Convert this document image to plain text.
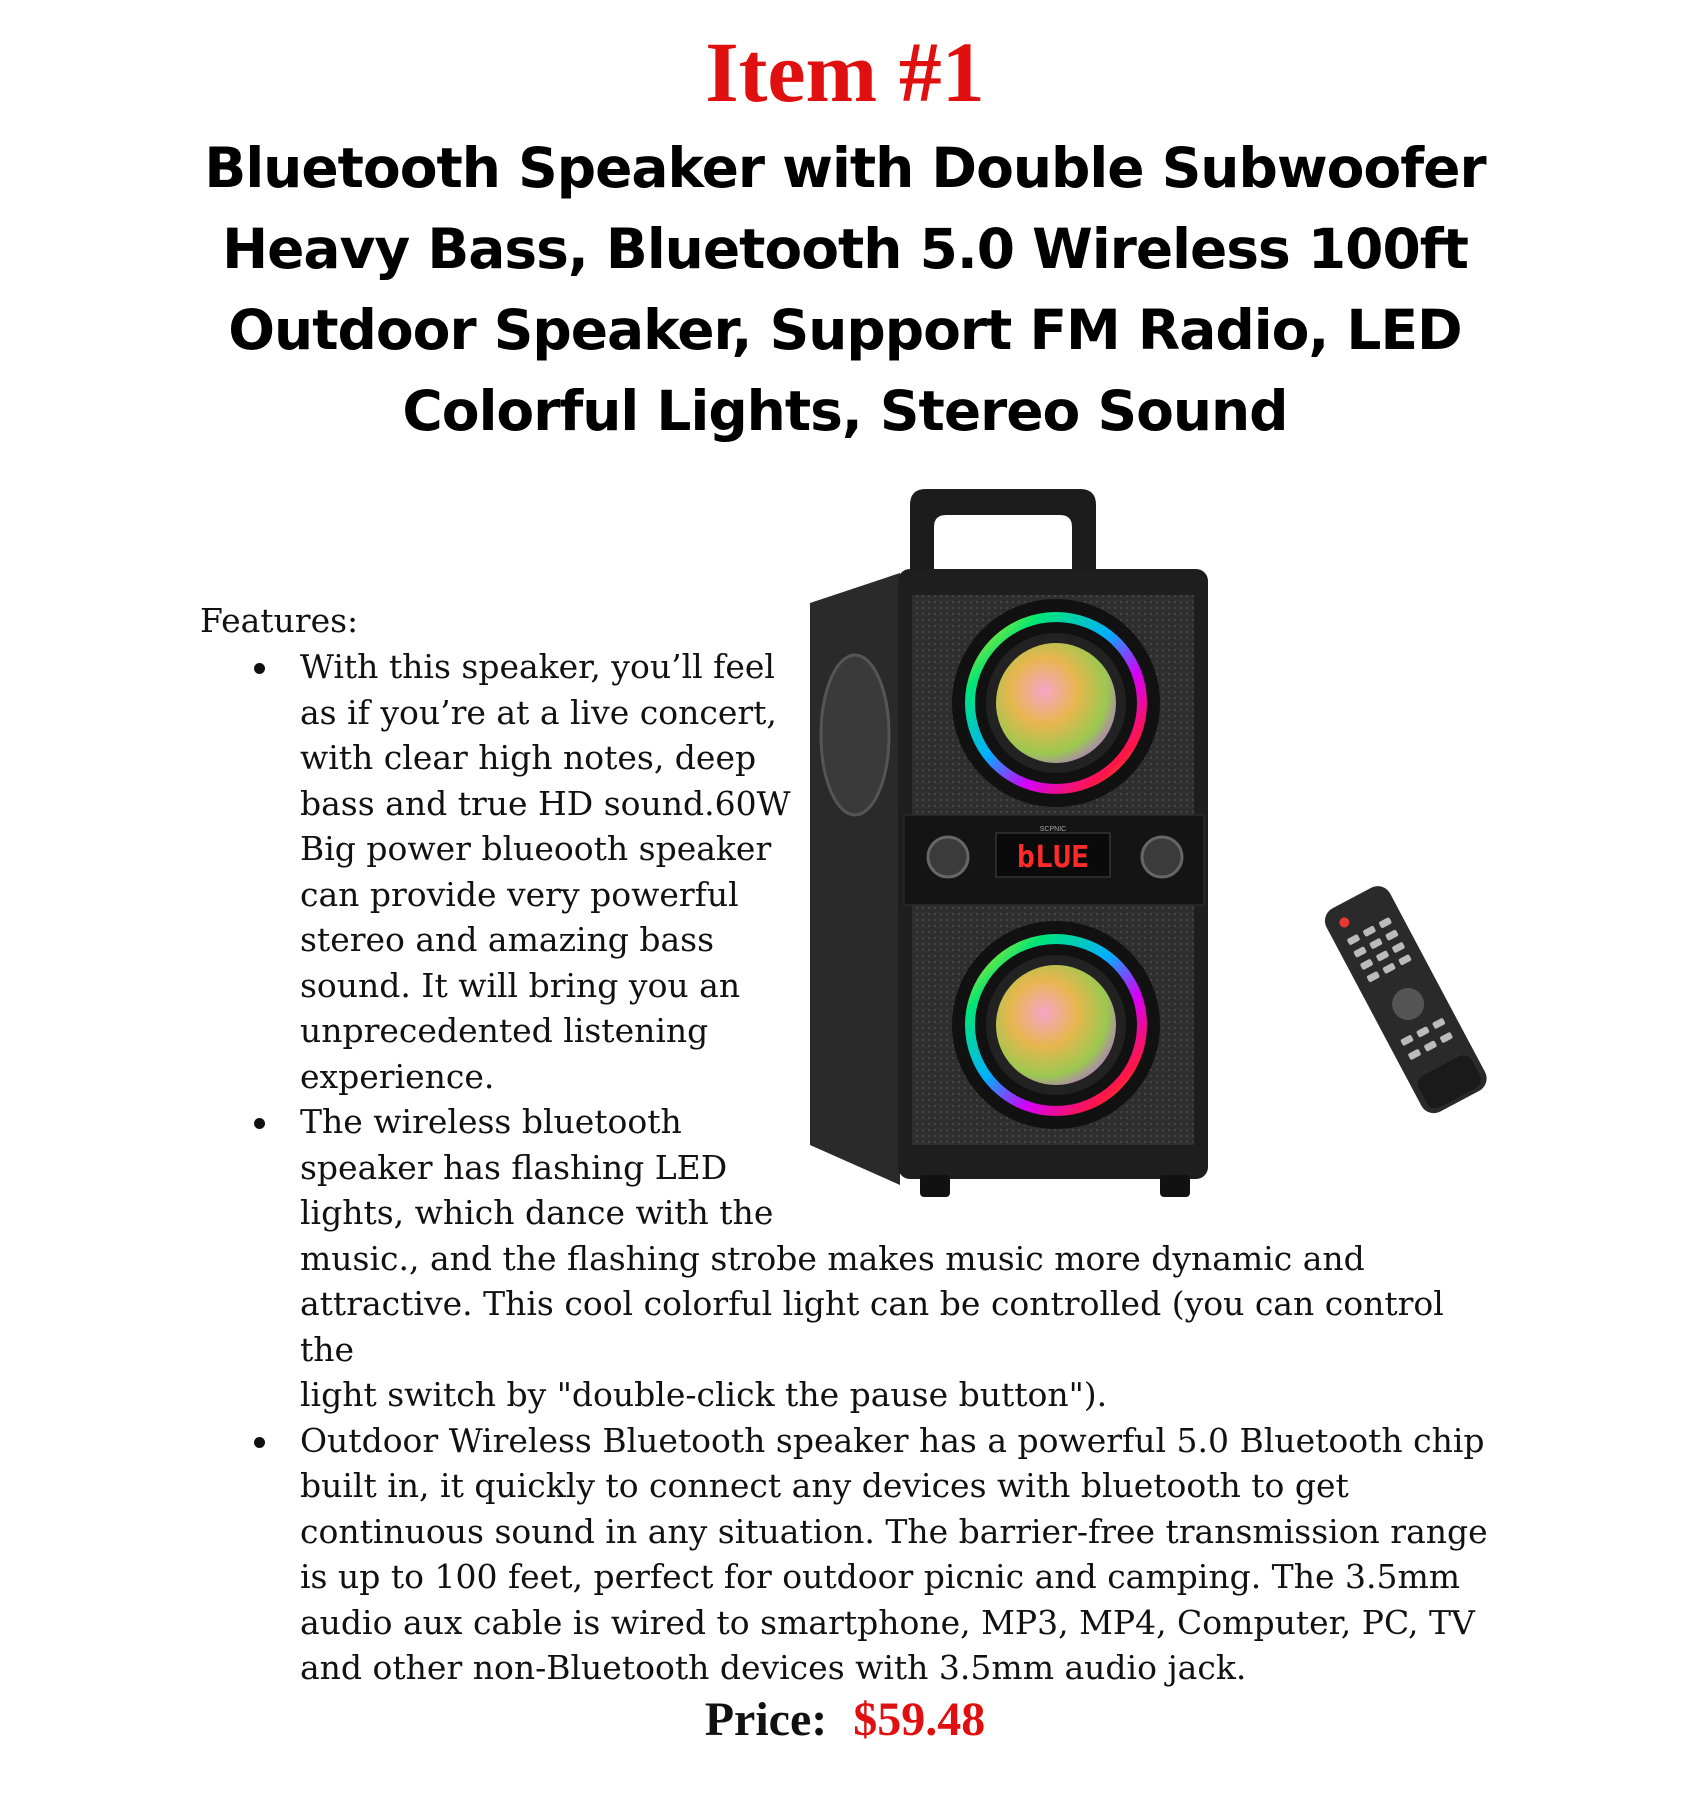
Item #1
Bluetooth Speaker with Double Subwoofer
Heavy Bass, Bluetooth 5.0 Wireless 100ft
Outdoor Speaker, Support FM Radio, LED
Colorful Lights, Stereo Sound
SCPNIC
bLUE
Features:
With this speaker, you’ll feel
as if you’re at a live concert,
with clear high notes, deep
bass and true HD sound.60W
Big power blueooth speaker
can provide very powerful
stereo and amazing bass
sound. It will bring you an
unprecedented listening
experience.
The wireless bluetooth
speaker has flashing LED
lights, which dance with the
music., and the flashing strobe makes music more dynamic and
attractive. This cool colorful light can be controlled (you can control the
light switch by "double-click the pause button").
Outdoor Wireless Bluetooth speaker has a powerful 5.0 Bluetooth chip
built in, it quickly to connect any devices with bluetooth to get
continuous sound in any situation. The barrier-free transmission range
is up to 100 feet, perfect for outdoor picnic and camping. The 3.5mm
audio aux cable is wired to smartphone, MP3, MP4, Computer, PC, TV
and other non-Bluetooth devices with 3.5mm audio jack.
Price: $59.48
